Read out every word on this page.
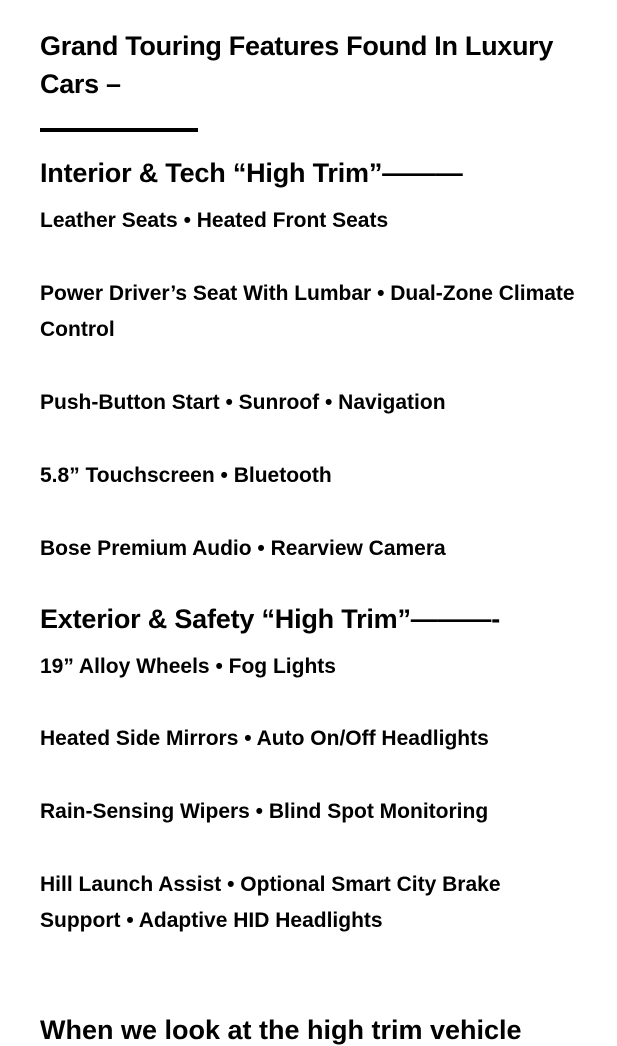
Grand Touring Features Found In Luxury Cars –
Interior & Tech “High Trim”———

Leather Seats • Heated Front Seats

Power Driver’s Seat With Lumbar • Dual-Zone Climate Control

Push-Button Start • Sunroof • Navigation

5.8” Touchscreen • Bluetooth

Bose Premium Audio • Rearview Camera

Exterior & Safety “High Trim”———-

19” Alloy Wheels • Fog Lights

Heated Side Mirrors • Auto On/Off Headlights

Rain-Sensing Wipers • Blind Spot Monitoring

Hill Launch Assist • Optional Smart City Brake Support • Adaptive HID Headlights

When we look at the high trim vehicle
